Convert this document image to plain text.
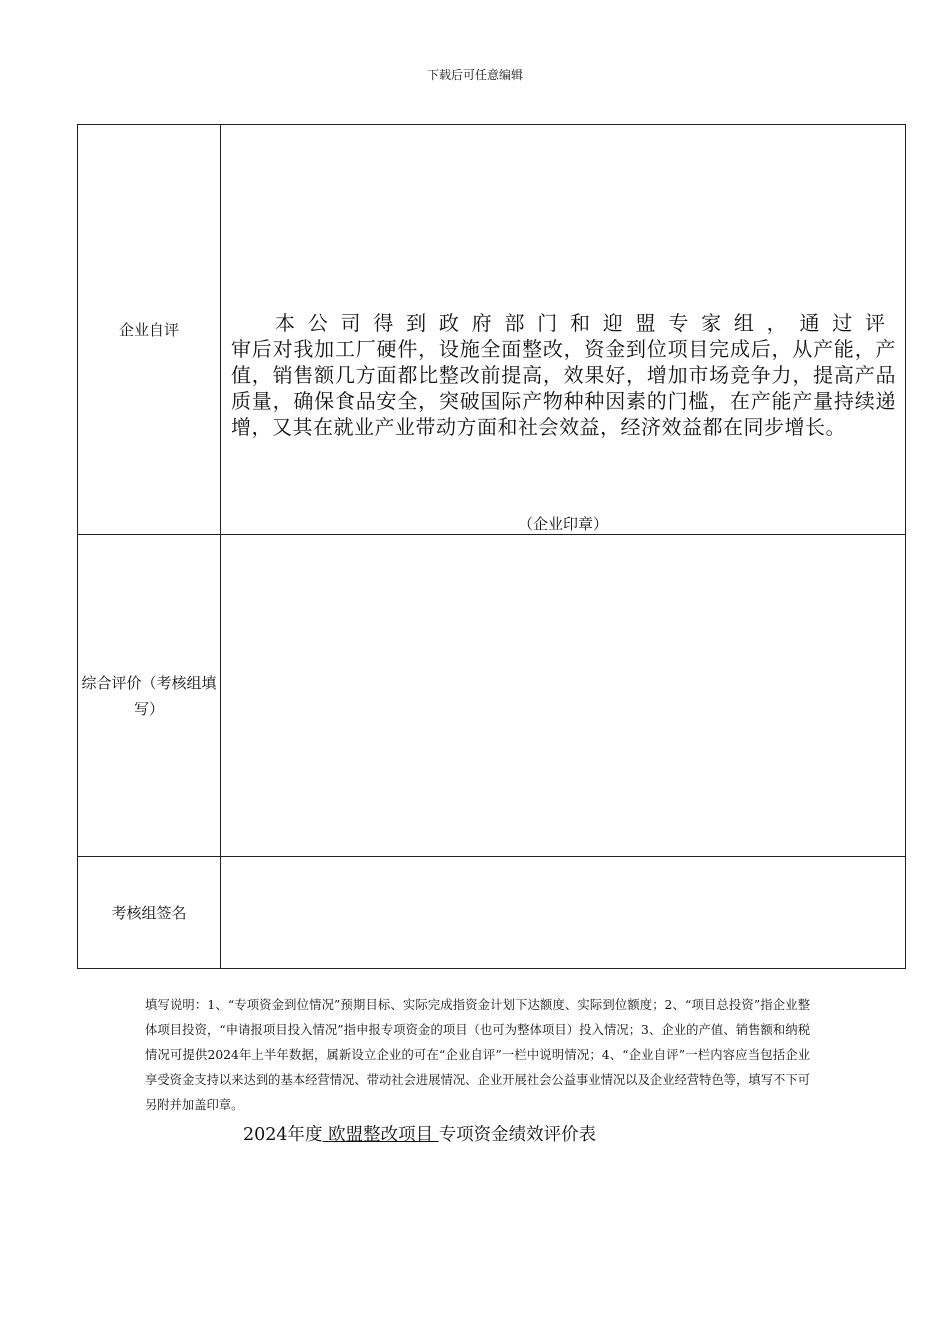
下载后可任意编辑
企业自评	本公司得到政府部门和迎盟专家组，通过评
审后对我加工厂硬件，设施全面整改，资金到位项目完成后，从产能，产值，销售额几方面都比整改前提高，效果好，增加市场竞争力，提高产品质量，确保食品安全，突破国际产物种种因素的门槛，在产能产量持续递增，又其在就业产业带动方面和社会效益，经济效益都在同步增长。
（企业印章）

综合评价（考核组填写）	
考核组签名	
填写说明：1、“专项资金到位情况”预期目标、实际完成指资金计划下达额度、实际到位额度；2、“项目总投资”指企业整体项目投资，“申请报项目投入情况”指申报专项资金的项目（也可为整体项目）投入情况；3、企业的产值、销售额和纳税情况可提供2024年上半年数据，属新设立企业的可在“企业自评”一栏中说明情况；4、“企业自评”一栏内容应当包括企业享受资金支持以来达到的基本经营情况、带动社会进展情况、企业开展社会公益事业情况以及企业经营特色等，填写不下可另附并加盖印章。
2024年度 欧盟整改项目 专项资金绩效评价表
